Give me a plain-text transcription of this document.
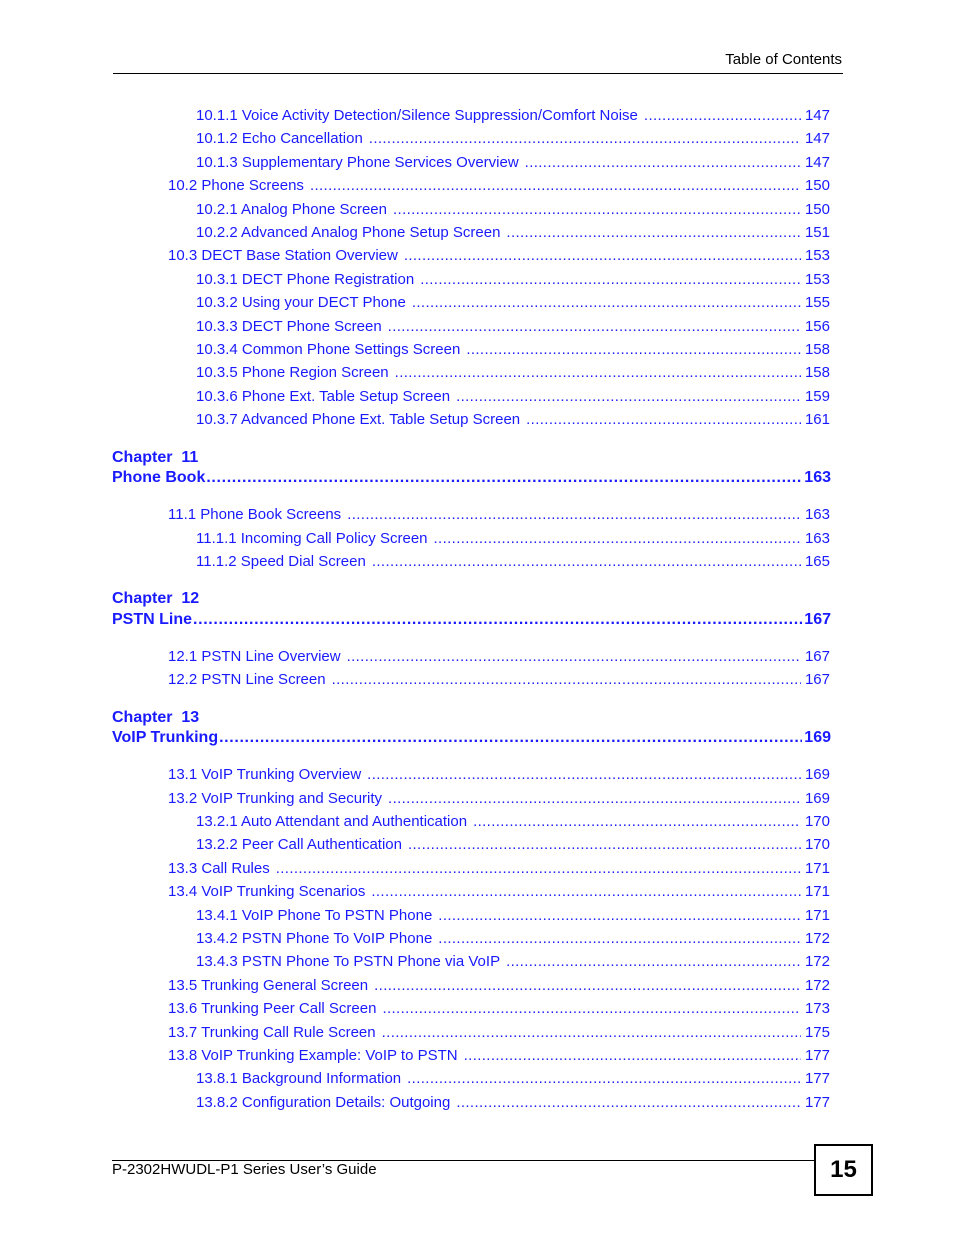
Table of Contents
10.1.1 Voice Activity Detection/Silence Suppression/Comfort Noise . . .	147
10.1.2 Echo Cancellation . . .	147
10.1.3 Supplementary Phone Services Overview . . .	147
10.2 Phone Screens . . .	150
10.2.1 Analog Phone Screen . . .	150
10.2.2 Advanced Analog Phone Setup Screen . . .	151
10.3 DECT Base Station Overview . . .	153
10.3.1 DECT Phone Registration . . .	153
10.3.2 Using your DECT Phone . . .	155
10.3.3 DECT Phone Screen . . .	156
10.3.4 Common Phone Settings Screen . . .	158
10.3.5 Phone Region Screen . . .	158
10.3.6 Phone Ext. Table Setup Screen . . .	159
10.3.7 Advanced Phone Ext. Table Setup Screen . . .	161
Chapter  11
Phone Book . . .	163
11.1 Phone Book Screens . . .	163
11.1.1 Incoming Call Policy Screen . . .	163
11.1.2 Speed Dial Screen . . .	165
Chapter  12
PSTN Line . . .	167
12.1 PSTN Line Overview . . .	167
12.2 PSTN Line Screen . . .	167
Chapter  13
VoIP Trunking . . .	169
13.1 VoIP Trunking Overview . . .	169
13.2 VoIP Trunking and Security . . .	169
13.2.1 Auto Attendant and Authentication . . .	170
13.2.2 Peer Call Authentication . . .	170
13.3 Call Rules . . .	171
13.4 VoIP Trunking Scenarios . . .	171
13.4.1 VoIP Phone To PSTN Phone . . .	171
13.4.2 PSTN Phone To VoIP Phone . . .	172
13.4.3 PSTN Phone To PSTN Phone via VoIP . . .	172
13.5 Trunking General Screen . . .	172
13.6 Trunking Peer Call Screen . . .	173
13.7 Trunking Call Rule Screen . . .	175
13.8 VoIP Trunking Example: VoIP to PSTN . . .	177
13.8.1 Background Information . . .	177
13.8.2 Configuration Details: Outgoing . . .	177
P-2302HWUDL-P1 Series User’s Guide	15
